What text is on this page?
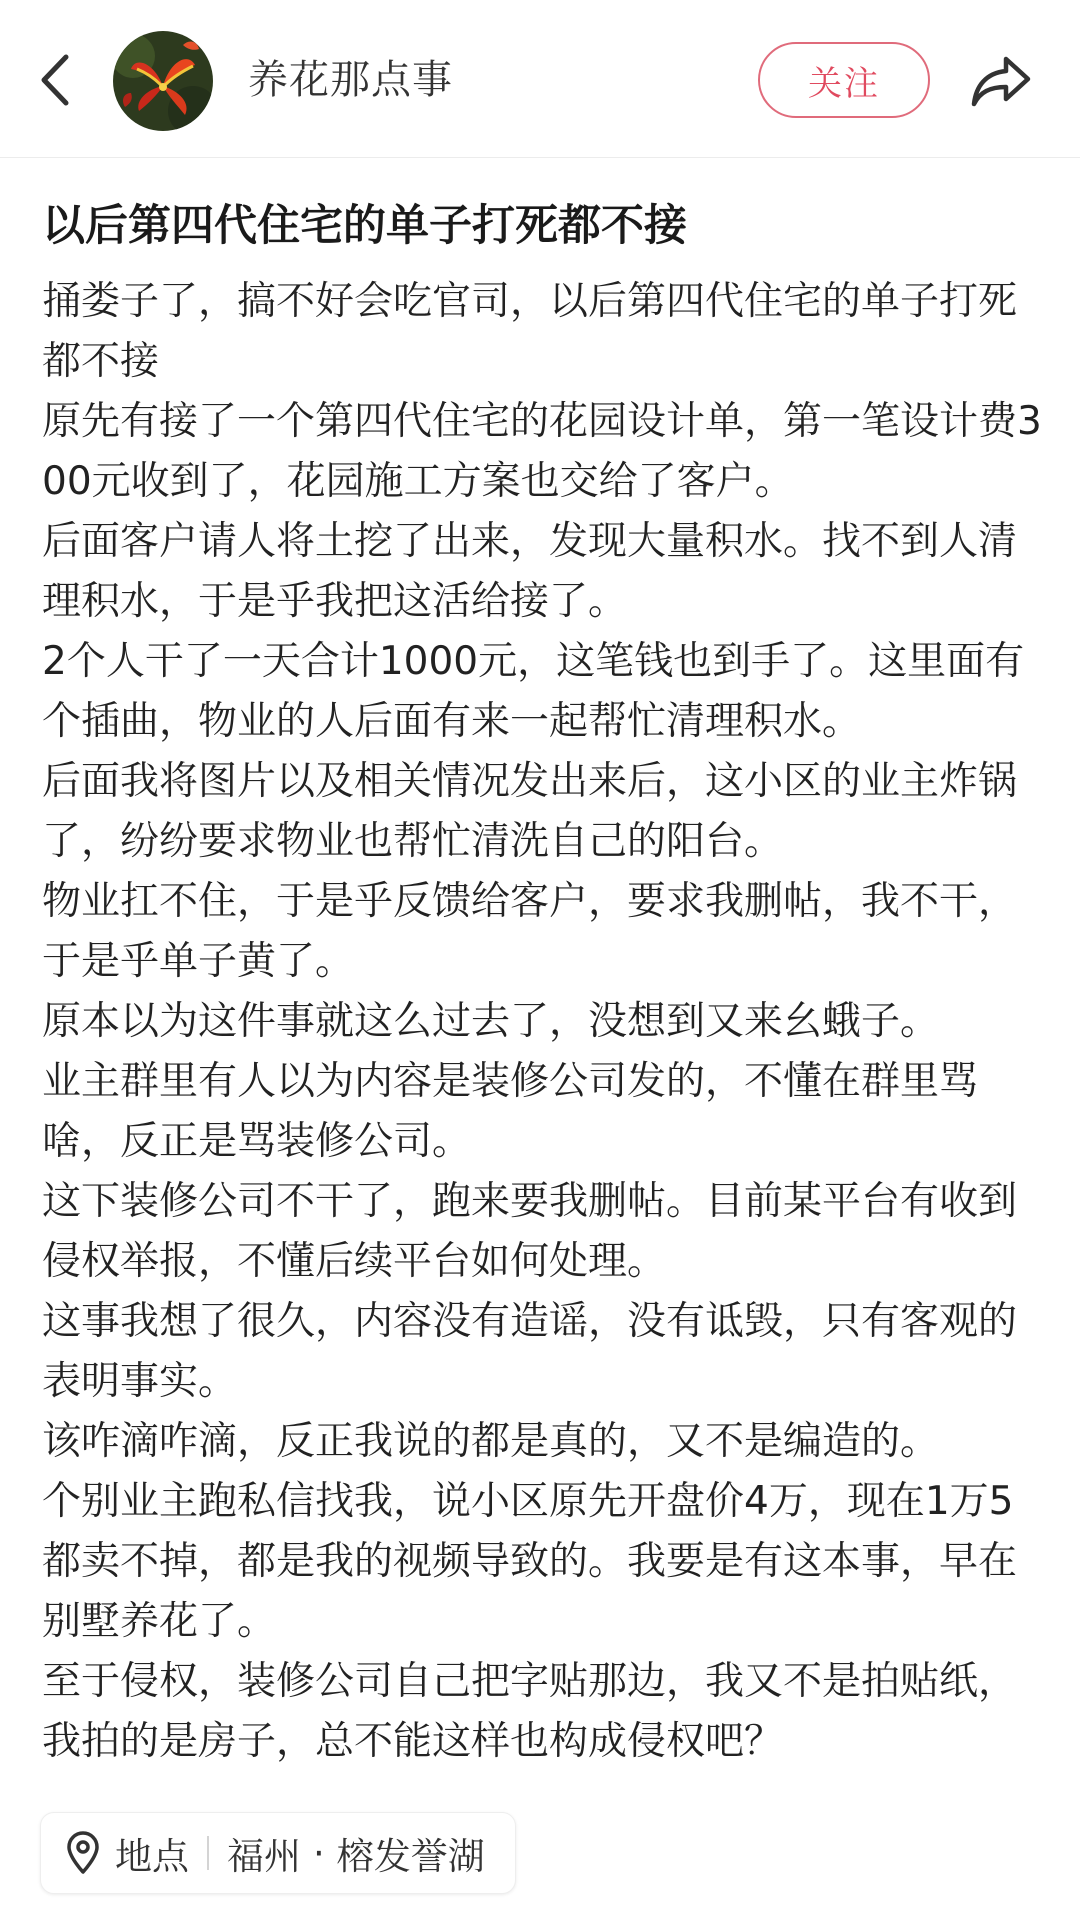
养花那点事	关注
以后第四代住宅的单子打死都不接

捅娄子了，搞不好会吃官司，以后第四代住宅的单子打死都不接

原先有接了一个第四代住宅的花园设计单，第一笔设计费300元收到了，花园施工方案也交给了客户。

后面客户请人将土挖了出来，发现大量积水。找不到人清理积水，于是乎我把这活给接了。

2个人干了一天合计1000元，这笔钱也到手了。这里面有个插曲，物业的人后面有来一起帮忙清理积水。

后面我将图片以及相关情况发出来后，这小区的业主炸锅了，纷纷要求物业也帮忙清洗自己的阳台。

物业扛不住，于是乎反馈给客户，要求我删帖，我不干，于是乎单子黄了。

原本以为这件事就这么过去了，没想到又来幺蛾子。

业主群里有人以为内容是装修公司发的，不懂在群里骂啥，反正是骂装修公司。

这下装修公司不干了，跑来要我删帖。目前某平台有收到侵权举报，不懂后续平台如何处理。

这事我想了很久，内容没有造谣，没有诋毁，只有客观的表明事实。

该咋滴咋滴，反正我说的都是真的，又不是编造的。

个别业主跑私信找我，说小区原先开盘价4万，现在1万5都卖不掉，都是我的视频导致的。我要是有这本事，早在别墅养花了。

至于侵权，装修公司自己把字贴那边，我又不是拍贴纸，我拍的是房子，总不能这样也构成侵权吧？

地点 福州 · 榕发誉湖
